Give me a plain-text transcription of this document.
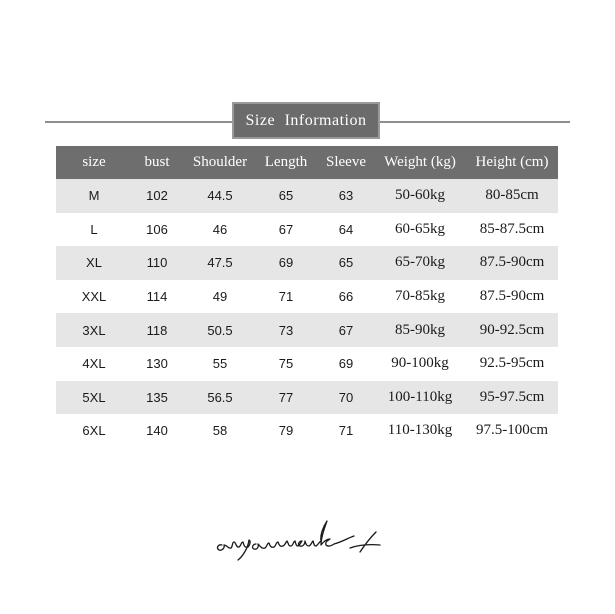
Size Information
size	bust	Shoulder	Length	Sleeve	Weight (kg)	Height (cm)
M	102	44.5	65	63	50-60kg	80-85cm
L	106	46	67	64	60-65kg	85-87.5cm
XL	110	47.5	69	65	65-70kg	87.5-90cm
XXL	114	49	71	66	70-85kg	87.5-90cm
3XL	118	50.5	73	67	85-90kg	90-92.5cm
4XL	130	55	75	69	90-100kg	92.5-95cm
5XL	135	56.5	77	70	100-110kg	95-97.5cm
6XL	140	58	79	71	110-130kg	97.5-100cm
